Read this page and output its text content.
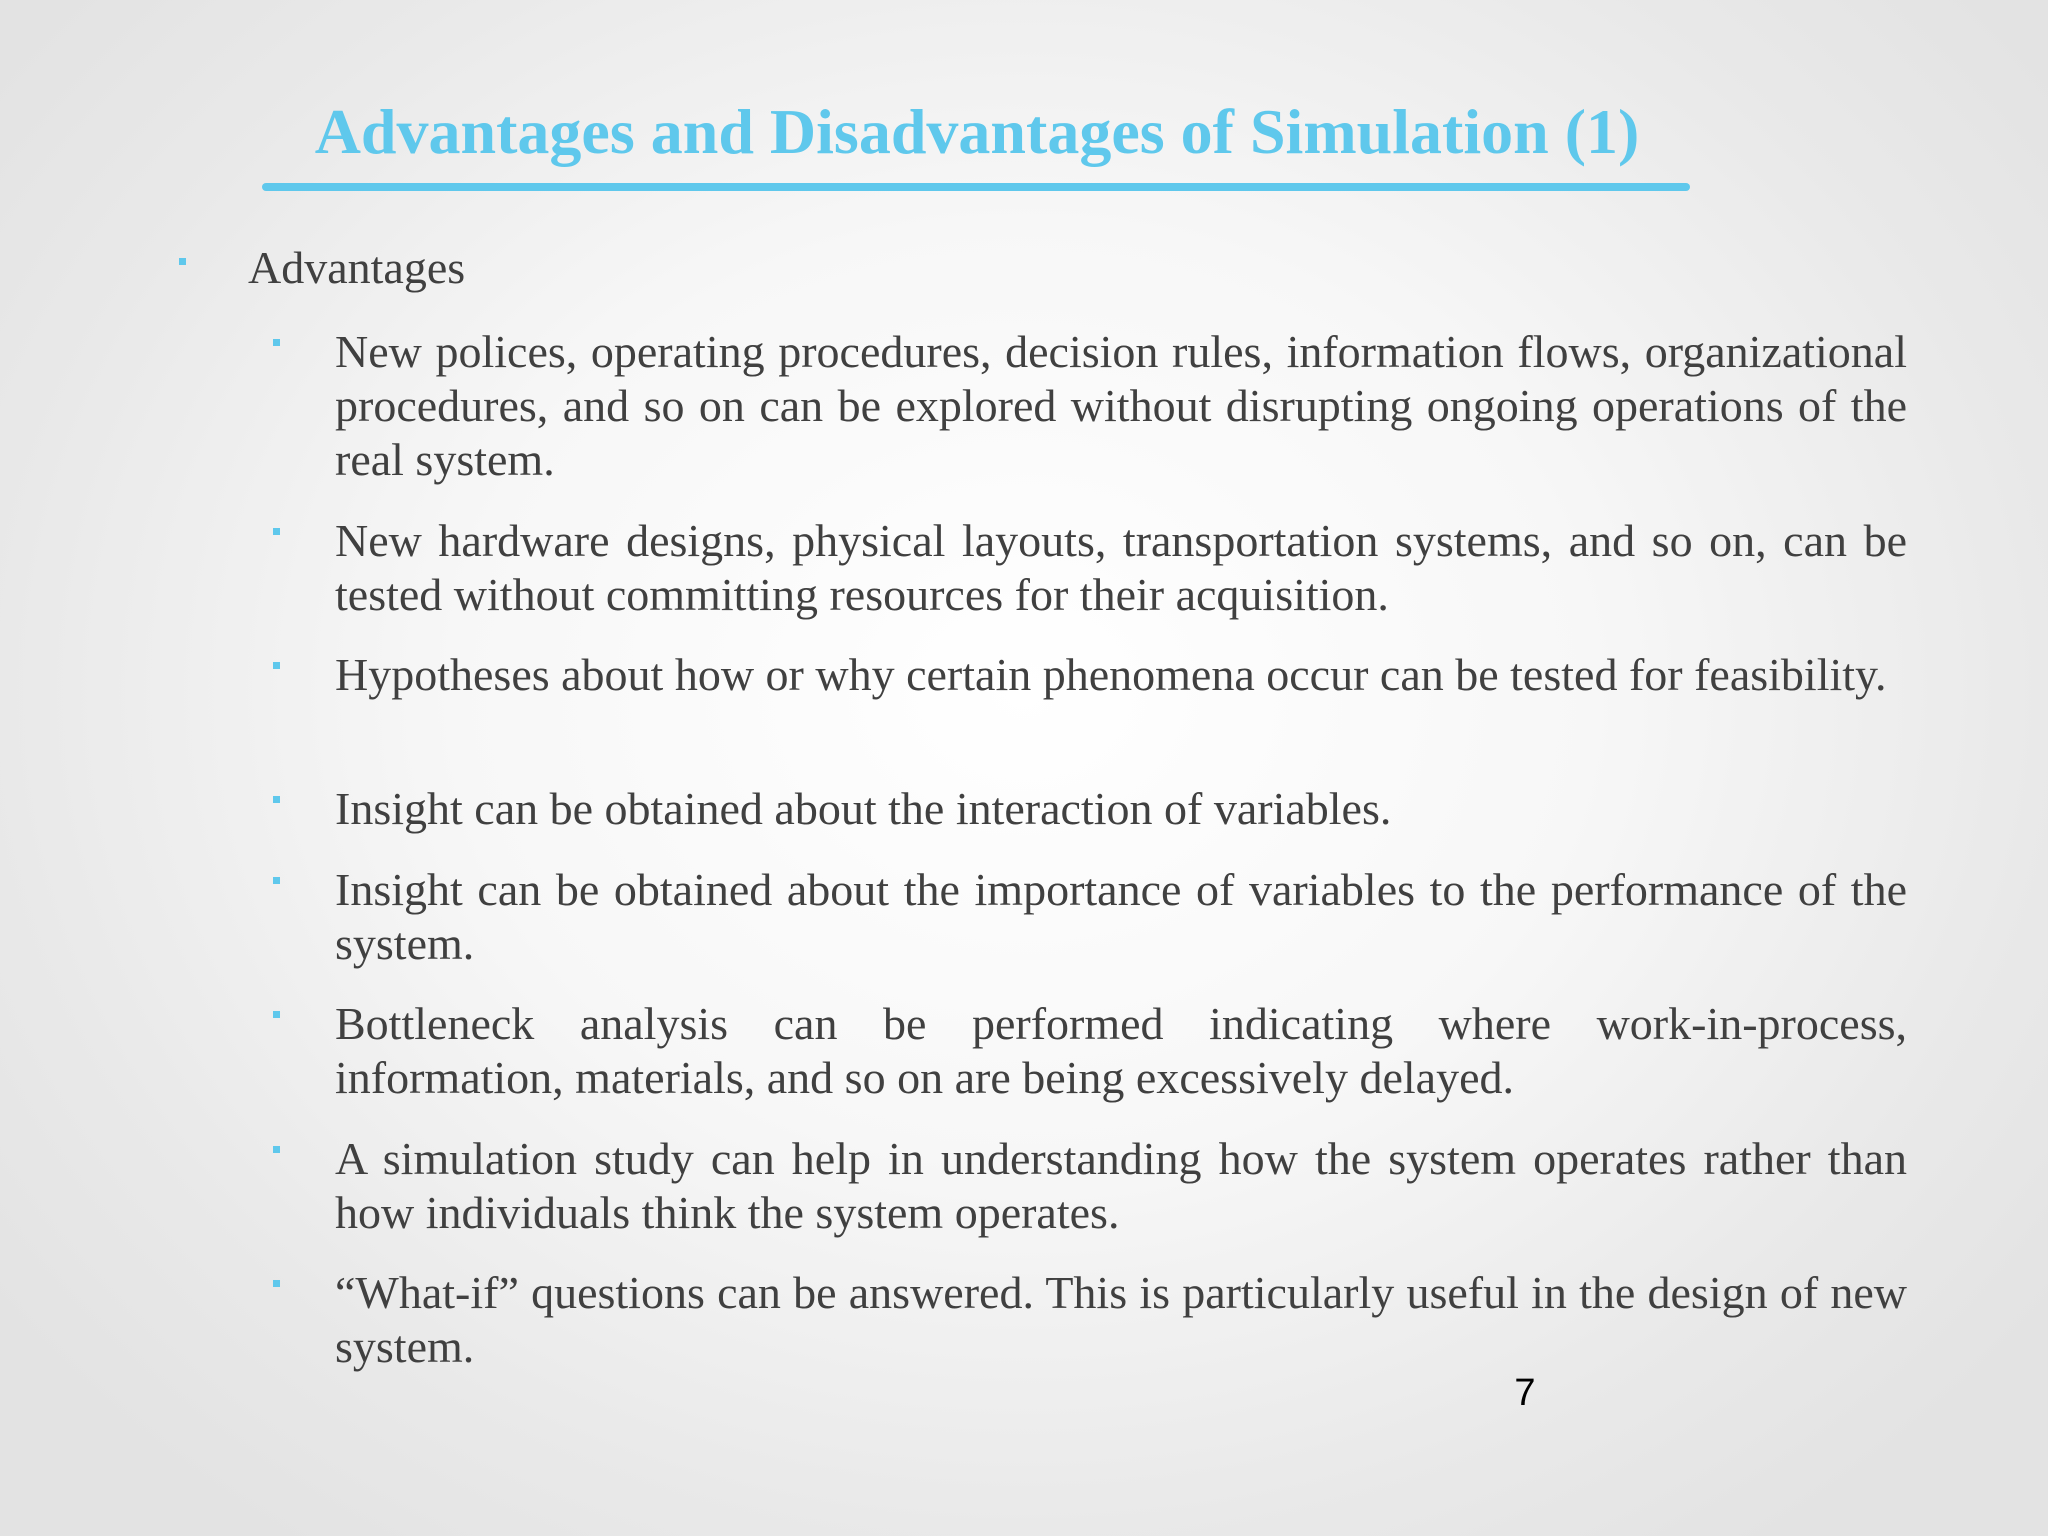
Advantages and Disadvantages of Simulation (1)
Advantages

New polices, operating procedures, decision rules, information flows, organizational procedures, and so on can be explored without disrupting ongoing operations of the real system.

New hardware designs, physical layouts, transportation systems, and so on, can be tested without committing resources for their acquisition.

Hypotheses about how or why certain phenomena occur can be tested for feasibility.

Insight can be obtained about the interaction of variables.

Insight can be obtained about the importance of variables to the performance of the system.

Bottleneck analysis can be performed indicating where work-in-process, information, materials, and so on are being excessively delayed.

A simulation study can help in understanding how the system operates rather than how individuals think the system operates.

“What-if” questions can be answered. This is particularly useful in the design of new system.

7
